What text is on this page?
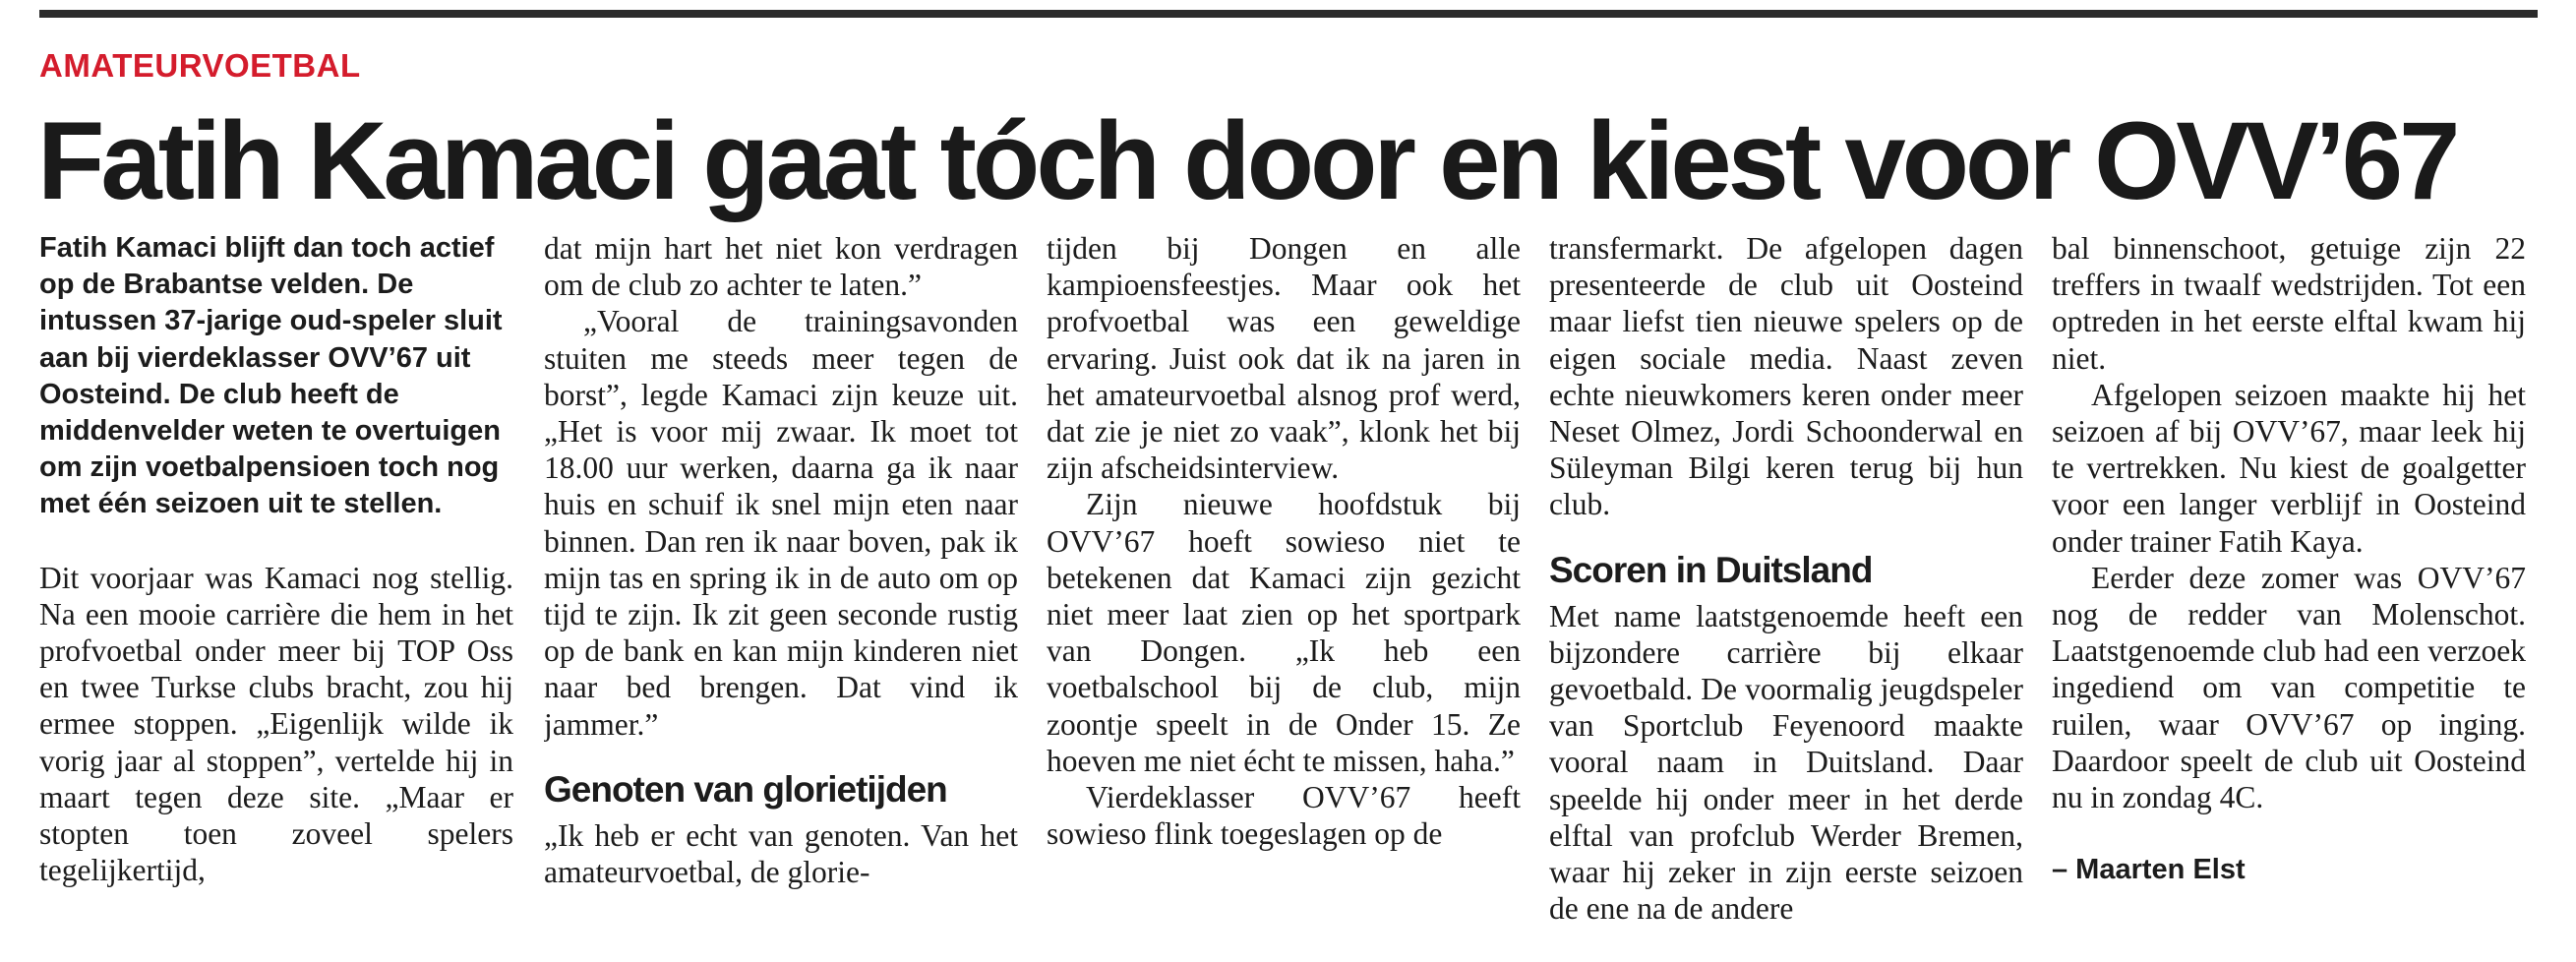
AMATEURVOETBAL
Fatih Kamaci gaat tóch door en kiest voor OVV’67

Fatih Kamaci blijft dan toch actief op de Brabantse velden. De intussen 37-jarige oud-speler sluit aan bij vierdeklasser OVV’67 uit Oosteind. De club heeft de middenvelder weten te overtuigen om zijn voetbalpensioen toch nog met één seizoen uit te stellen.

Dit voorjaar was Kamaci nog stellig. Na een mooie carrière die hem in het profvoetbal onder meer bij TOP Oss en twee Turkse clubs bracht, zou hij ermee stoppen. „Eigenlijk wilde ik vorig jaar al stoppen”, vertelde hij in maart tegen deze site. „Maar er stopten toen zoveel spelers tegelijkertijd,

dat mijn hart het niet kon verdragen om de club zo achter te laten.”

„Vooral de trainingsavonden stuiten me steeds meer tegen de borst”, legde Kamaci zijn keuze uit. „Het is voor mij zwaar. Ik moet tot 18.00 uur werken, daarna ga ik naar huis en schuif ik snel mijn eten naar binnen. Dan ren ik naar boven, pak ik mijn tas en spring ik in de auto om op tijd te zijn. Ik zit geen seconde rustig op de bank en kan mijn kinderen niet naar bed brengen. Dat vind ik jammer.”

Genoten van glorietijden

„Ik heb er echt van genoten. Van het amateurvoetbal, de glorie-

tijden bij Dongen en alle kampioensfeestjes. Maar ook het profvoetbal was een geweldige ervaring. Juist ook dat ik na jaren in het amateurvoetbal alsnog prof werd, dat zie je niet zo vaak”, klonk het bij zijn afscheidsinterview.

Zijn nieuwe hoofdstuk bij OVV’67 hoeft sowieso niet te betekenen dat Kamaci zijn gezicht niet meer laat zien op het sportpark van Dongen. „Ik heb een voetbalschool bij de club, mijn zoontje speelt in de Onder 15. Ze hoeven me niet écht te missen, haha.”

Vierdeklasser OVV’67 heeft sowieso flink toegeslagen op de

transfermarkt. De afgelopen dagen presenteerde de club uit Oosteind maar liefst tien nieuwe spelers op de eigen sociale media. Naast zeven echte nieuwkomers keren onder meer Neset Olmez, Jordi Schoonderwal en Süleyman Bilgi keren terug bij hun club.

Scoren in Duitsland

Met name laatstgenoemde heeft een bijzondere carrière bij elkaar gevoetbald. De voormalig jeugdspeler van Sportclub Feyenoord maakte vooral naam in Duitsland. Daar speelde hij onder meer in het derde elftal van profclub Werder Bremen, waar hij zeker in zijn eerste seizoen de ene na de andere

bal binnenschoot, getuige zijn 22 treffers in twaalf wedstrijden. Tot een optreden in het eerste elftal kwam hij niet.

Afgelopen seizoen maakte hij het seizoen af bij OVV’67, maar leek hij te vertrekken. Nu kiest de goalgetter voor een langer verblijf in Oosteind onder trainer Fatih Kaya.

Eerder deze zomer was OVV’67 nog de redder van Molenschot. Laatstgenoemde club had een verzoek ingediend om van competitie te ruilen, waar OVV’67 op inging. Daardoor speelt de club uit Oosteind nu in zondag 4C.

– Maarten Elst
